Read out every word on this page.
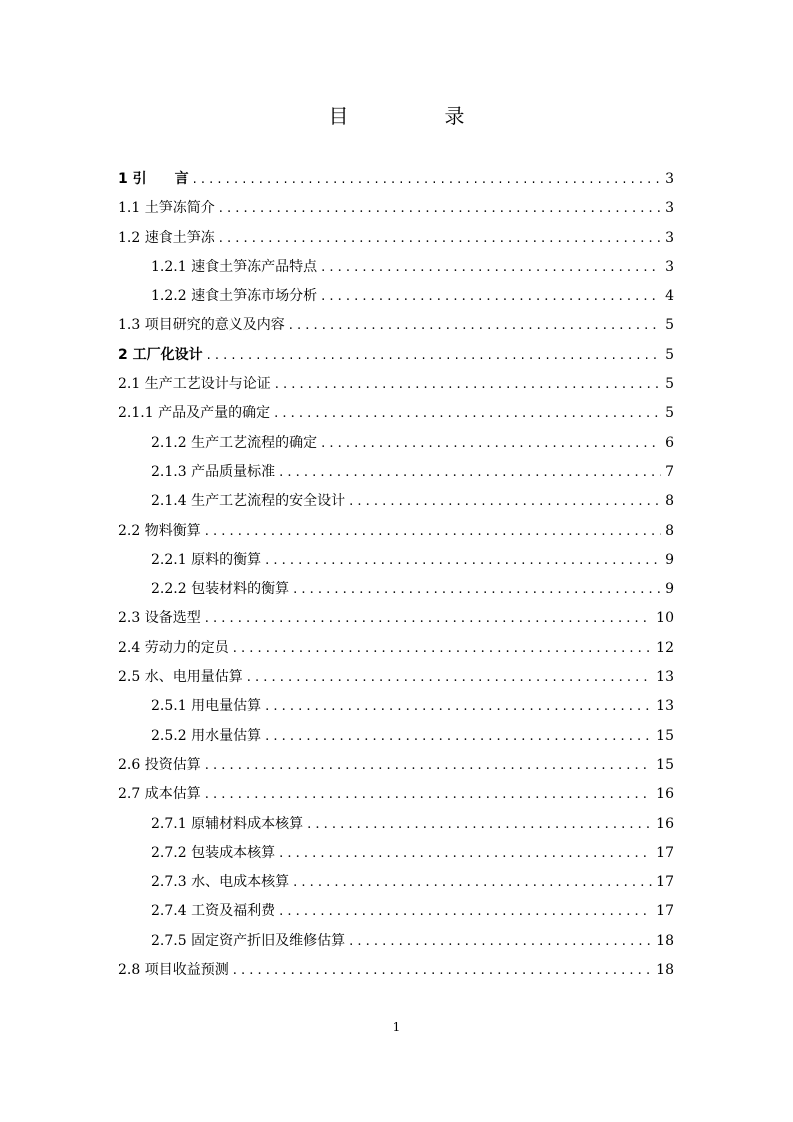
目　录
1 引　　言 . . .	3
1.1 土笋冻简介 . . .	3
1.2 速食土笋冻 . . .	3
1.2.1 速食土笋冻产品特点 . . .	3
1.2.2 速食土笋冻市场分析 . . .	4
1.3 项目研究的意义及内容 . . .	5
2 工厂化设计 . . .	5
2.1 生产工艺设计与论证 . . .	5
2.1.1 产品及产量的确定 . . .	5
2.1.2 生产工艺流程的确定 . . .	6
2.1.3 产品质量标准 . . .	7
2.1.4 生产工艺流程的安全设计 . . .	8
2.2 物料衡算 . . .	8
2.2.1 原料的衡算 . . .	9
2.2.2 包装材料的衡算 . . .	9
2.3 设备选型 . . .	10
2.4 劳动力的定员 . . .	12
2.5 水、电用量估算 . . .	13
2.5.1 用电量估算 . . .	13
2.5.2 用水量估算 . . .	15
2.6 投资估算 . . .	15
2.7 成本估算 . . .	16
2.7.1 原辅材料成本核算 . . .	16
2.7.2 包装成本核算 . . .	17
2.7.3 水、电成本核算 . . .	17
2.7.4 工资及福利费 . . .	17
2.7.5 固定资产折旧及维修估算 . . .	18
2.8 项目收益预测 . . .	18
1
